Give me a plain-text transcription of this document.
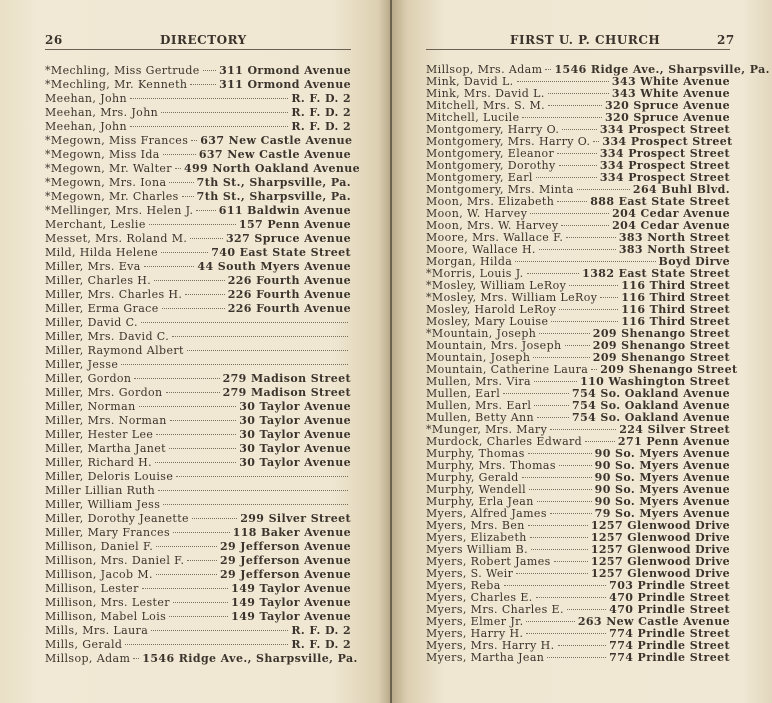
26	DIRECTORY
*Mechling, Miss Gertrude 311 Ormond Avenue
*Mechling, Mr. Kenneth	311 Ormond Avenue
Meehan, John	R. F. D. 2
Meehan, Mrs. John	R. F. D. 2
Meehan, John	R. F. D. 2
*Megown, Miss Frances 637 New Castle Avenue
*Megown, Miss Ida	637 New Castle Avenue
*Megown, Mr. Walter 499 North Oakland Avenue
*Megown, Mrs. Iona	7th St., Sharpsville, Pa.
*Megown, Mr. Charles 7th St., Sharpsville, Pa.
*Mellinger, Mrs. Helen J. 611 Baldwin Avenue
Merchant, Leslie	157 Penn Avenue
Messet, Mrs. Roland M.	327 Spruce Avenue
Mild, Hilda Helene	740 East State Street
Miller, Mrs. Eva	44 South Myers Avenue
Miller, Charles H.	226 Fourth Avenue
Miller, Mrs. Charles H.	226 Fourth Avenue
Miller, Erma Grace	226 Fourth Avenue
Miller, David C.
Miller, Mrs. David C.
Miller, Raymond Albert
Miller, Jesse
Miller, Gordon	279 Madison Street
Miller, Mrs. Gordon	279 Madison Street
Miller, Norman	30 Taylor Avenue
Miller, Mrs. Norman	30 Taylor Avenue
Miller, Hester Lee	30 Taylor Avenue
Miller, Martha Janet	30 Taylor Avenue
Miller, Richard H.	30 Taylor Avenue
Miller, Deloris Louise
Miller Lillian Ruth
Miller, William Jess
Miller, Dorothy Jeanette	299 Silver Street
Miller, Mary Frances	118 Baker Avenue
Millison, Daniel F.	29 Jefferson Avenue
Millison, Mrs. Daniel F.	29 Jefferson Avenue
Millison, Jacob M.	29 Jefferson Avenue
Millison, Lester	149 Taylor Avenue
Millison, Mrs. Lester	149 Taylor Avenue
Millison, Mabel Lois	149 Taylor Avenue
Mills, Mrs. Laura	R. F. D. 2
Mills, Gerald	R. F. D. 2
Millsop, Adam 1546 Ridge Ave., Sharpsville, Pa.
FIRST U. P. CHURCH	27
Millsop, Mrs. Adam 1546 Ridge Ave., Sharpsville, Pa.
Mink, David L.	343 White Avenue
Mink, Mrs. David L.	343 White Avenue
Mitchell, Mrs. S. M.	320 Spruce Avenue
Mitchell, Lucile	320 Spruce Avenue
Montgomery, Harry O.	334 Prospect Street
Montgomery, Mrs. Harry O. 334 Prospect Street
Montgomery, Eleanor	334 Prospect Street
Montgomery, Dorothy	334 Prospect Street
Montgomery, Earl	334 Prospect Street
Montgomery, Mrs. Minta	264 Buhl Blvd.
Moon, Mrs. Elizabeth	888 East State Street
Moon, W. Harvey	204 Cedar Avenue
Moon, Mrs. W. Harvey	204 Cedar Avenue
Moore, Mrs. Wallace F.	383 North Street
Moore, Wallace H.	383 North Street
Morgan, Hilda	Boyd Dirve
*Morris, Louis J.	1382 East State Street
*Mosley, William LeRoy	116 Third Street
*Mosley, Mrs. William LeRoy 116 Third Street
Mosley, Harold LeRoy	116 Third Street
Mosley, Mary Louise	116 Third Street
*Mountain, Joseph	209 Shenango Street
Mountain, Mrs. Joseph	209 Shenango Street
Mountain, Joseph	209 Shenango Street
Mountain, Catherine Laura 209 Shenango Street
Mullen, Mrs. Vira	110 Washington Street
Mullen, Earl	754 So. Oakland Avenue
Mullen, Mrs. Earl	754 So. Oakland Avenue
Mullen, Betty Ann	754 So. Oakland Avenue
*Munger, Mrs. Mary	224 Silver Street
Murdock, Charles Edward	271 Penn Avenue
Murphy, Thomas	90 So. Myers Avenue
Murphy, Mrs. Thomas	90 So. Myers Avenue
Murphy, Gerald	90 So. Myers Avenue
Murphy, Wendell	90 So. Myers Avenue
Murphy, Erla Jean	90 So. Myers Avenue
Myers, Alfred James	79 So. Myers Avenue
Myers, Mrs. Ben	1257 Glenwood Drive
Myers, Elizabeth	1257 Glenwood Drive
Myers William B.	1257 Glenwood Drive
Myers, Robert James	1257 Glenwood Drive
Myers, S. Weir	1257 Glenwood Drive
Myers, Reba	703 Prindle Street
Myers, Charles E.	470 Prindle Street
Myers, Mrs. Charles E.	470 Prindle Street
Myers, Elmer Jr.	263 New Castle Avenue
Myers, Harry H.	774 Prindle Street
Myers, Mrs. Harry H.	774 Prindle Street
Myers, Martha Jean	774 Prindle Street
